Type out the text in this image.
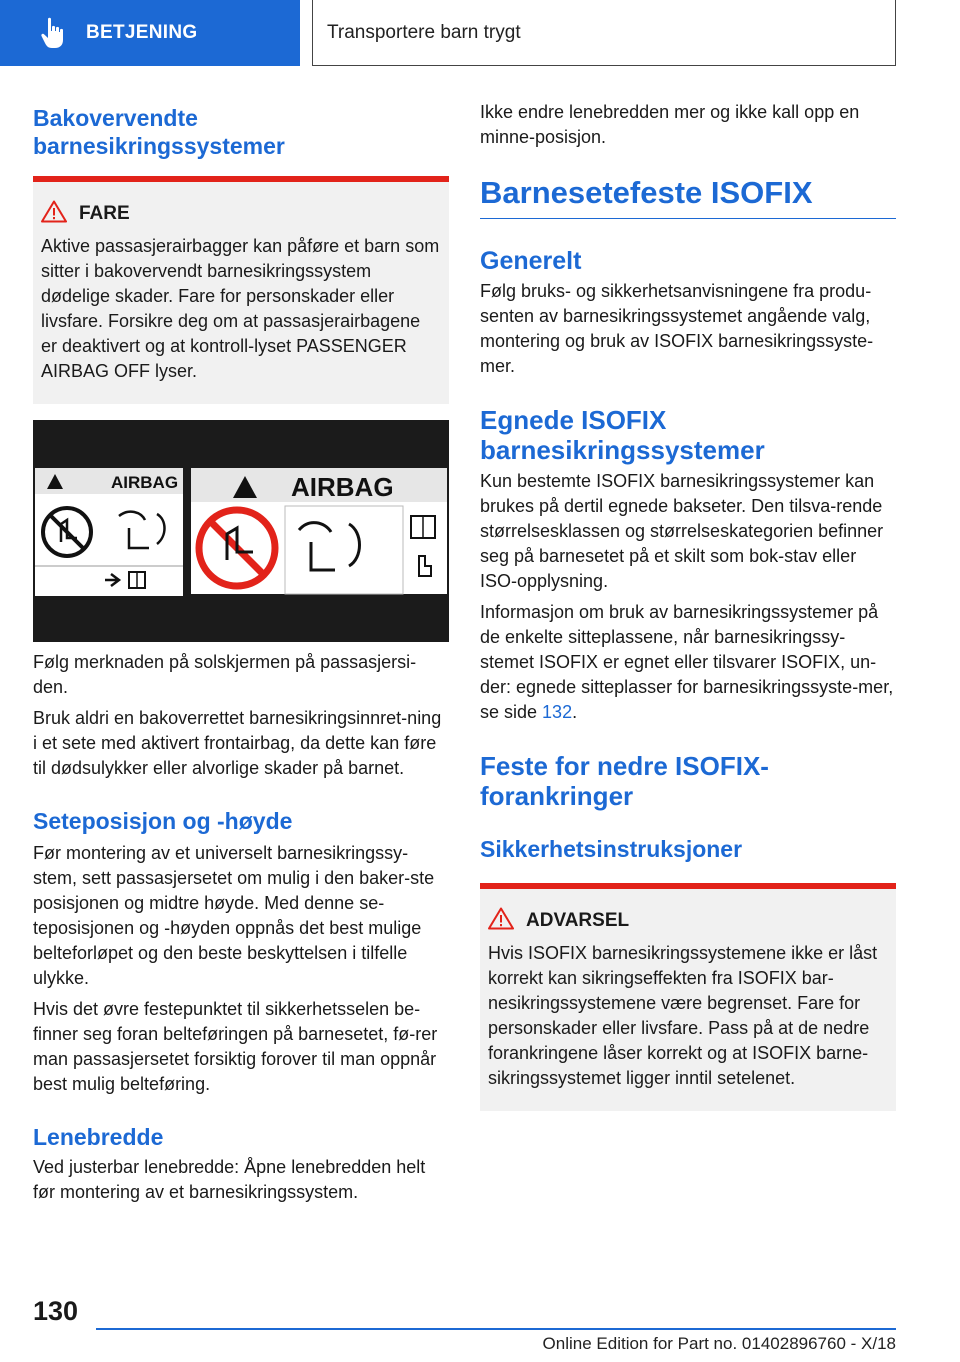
BETJENING	Transportere barn trygt
Bakovervendte barnesikringssystemer
FARE
Aktive passasjerairbagger kan påføre et barn som sitter i bakovervendt barnesikringssystem dødelige skader. Fare for personskader eller livsfare. Forsikre deg om at passasjerairbagene er deaktivert og at kontroll-lyset PASSENGER AIRBAG OFF lyser.
AIRBAG	AIRBAG
Følg merknaden på solskjermen på passasjersi-den.
Bruk aldri en bakoverrettet barnesikringsinnret-ning i et sete med aktivert frontairbag, da dette kan føre til dødsulykker eller alvorlige skader på barnet.
Seteposisjon og -høyde
Før montering av et universelt barnesikringssy-stem, sett passasjersetet om mulig i den baker-ste posisjonen og midtre høyde. Med denne se-teposisjonen og -høyden oppnås det best mulige belteforløpet og den beste beskyttelsen i tilfelle ulykke.
Hvis det øvre festepunktet til sikkerhetsselen be-finner seg foran belteføringen på barnesetet, fø-rer man passasjersetet forsiktig forover til man oppnår best mulig belteføring.
Lenebredde
Ved justerbar lenebredde: Åpne lenebredden helt før montering av et barnesikringssystem.
Ikke endre lenebredden mer og ikke kall opp en minne-posisjon.
Barnesetefeste ISOFIX
Generelt
Følg bruks- og sikkerhetsanvisningene fra produ-senten av barnesikringssystemet angående valg, montering og bruk av ISOFIX barnesikringssyste-mer.
Egnede ISOFIX barnesikringssystemer
Kun bestemte ISOFIX barnesikringssystemer kan brukes på dertil egnede bakseter. Den tilsva-rende størrelsesklassen og størrelseskategorien befinner seg på barnesetet på et skilt som bok-stav eller ISO-opplysning.
Informasjon om bruk av barnesikringssystemer på de enkelte sitteplassene, når barnesikringssy-stemet ISOFIX er egnet eller tilsvarer ISOFIX, un-der: egnede sitteplasser for barnesikringssyste-mer, se side 132.
Feste for nedre ISOFIX-forankringer
Sikkerhetsinstruksjoner
ADVARSEL
Hvis ISOFIX barnesikringssystemene ikke er låst korrekt kan sikringseffekten fra ISOFIX bar-nesikringssystemene være begrenset. Fare for personskader eller livsfare. Pass på at de nedre forankringene låser korrekt og at ISOFIX barne-sikringssystemet ligger inntil setelenet.
130
Online Edition for Part no. 01402896760 - X/18
